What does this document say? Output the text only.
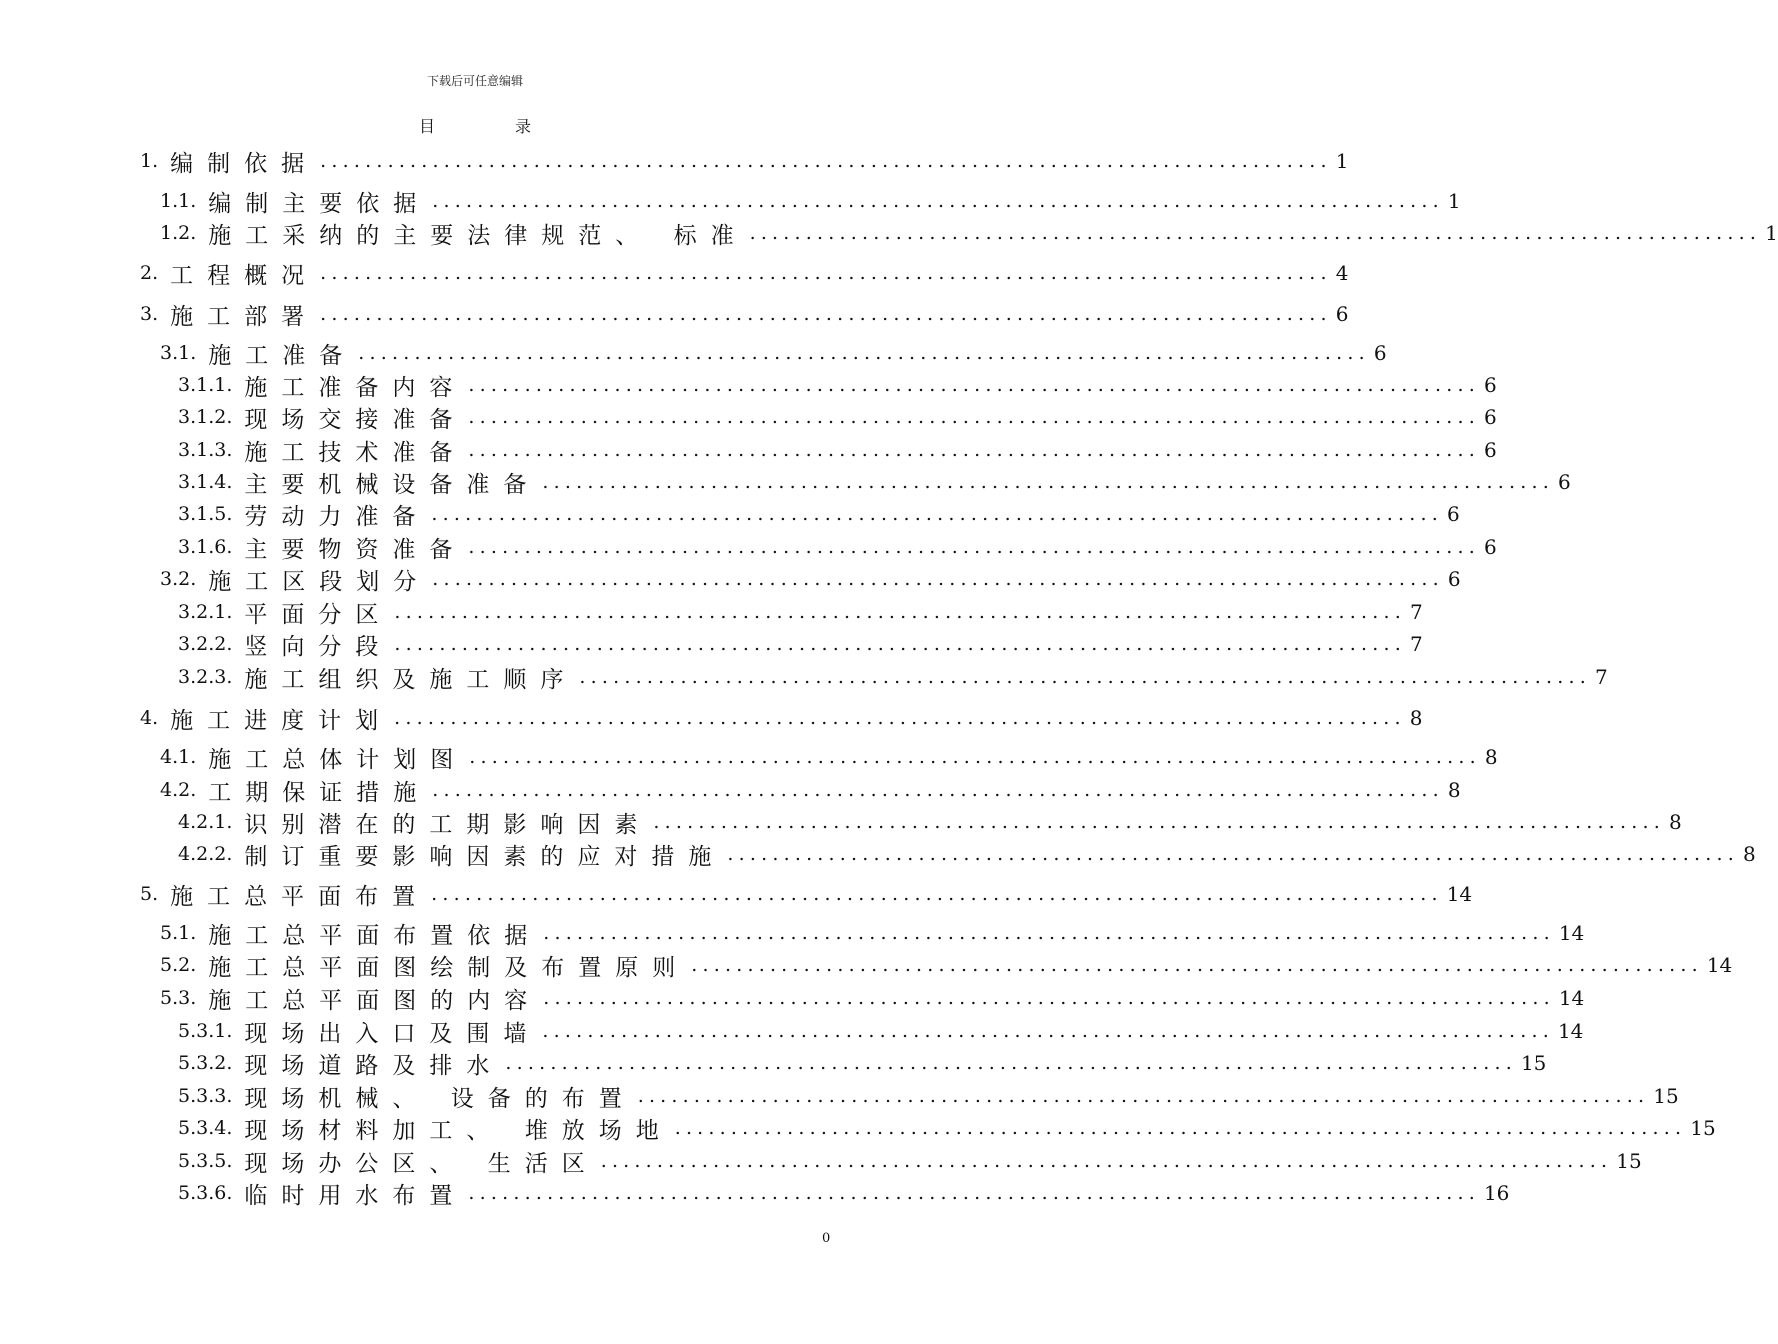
下载后可任意编辑
目	录
1. 编制依据 .......................................................................................... 1
1.1. 编制主要依据 .......................................................................................... 1
1.2. 施工采纳的主要法律规范、 标准 .......................................................................................... 1
2. 工程概况 .......................................................................................... 4
3. 施工部署 .......................................................................................... 6
3.1. 施工准备 .......................................................................................... 6
3.1.1. 施工准备内容 .......................................................................................... 6
3.1.2. 现场交接准备 .......................................................................................... 6
3.1.3. 施工技术准备 .......................................................................................... 6
3.1.4. 主要机械设备准备 .......................................................................................... 6
3.1.5. 劳动力准备 .......................................................................................... 6
3.1.6. 主要物资准备 .......................................................................................... 6
3.2. 施工区段划分 .......................................................................................... 6
3.2.1. 平面分区 .......................................................................................... 7
3.2.2. 竖向分段 .......................................................................................... 7
3.2.3. 施工组织及施工顺序 .......................................................................................... 7
4. 施工进度计划 .......................................................................................... 8
4.1. 施工总体计划图 .......................................................................................... 8
4.2. 工期保证措施 .......................................................................................... 8
4.2.1. 识别潜在的工期影响因素 .......................................................................................... 8
4.2.2. 制订重要影响因素的应对措施 .......................................................................................... 8
5. 施工总平面布置 .......................................................................................... 14
5.1. 施工总平面布置依据 .......................................................................................... 14
5.2. 施工总平面图绘制及布置原则 .......................................................................................... 14
5.3. 施工总平面图的内容 .......................................................................................... 14
5.3.1. 现场出入口及围墙 .......................................................................................... 14
5.3.2. 现场道路及排水 .......................................................................................... 15
5.3.3. 现场机械、 设备的布置 .......................................................................................... 15
5.3.4. 现场材料加工、 堆放场地 .......................................................................................... 15
5.3.5. 现场办公区、 生活区 .......................................................................................... 15
5.3.6. 临时用水布置 .......................................................................................... 16
0
